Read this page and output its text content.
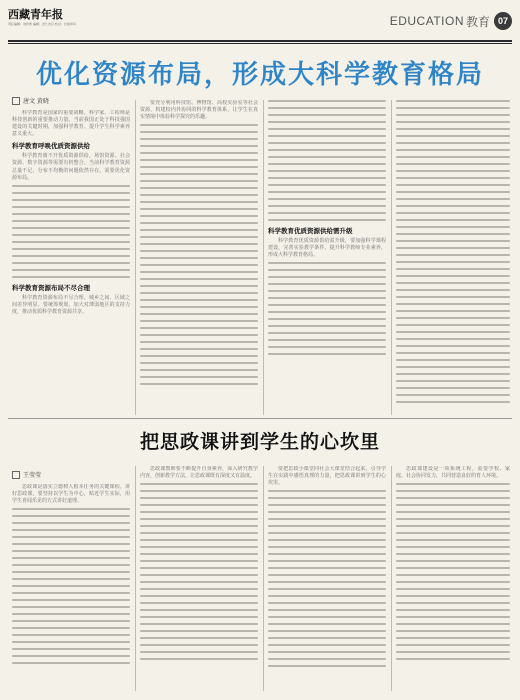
西藏青年报
责任编辑：刘世寒 编辑：洪仁次旦 校对：甘措卓玛	EDUCATION 教育 07
优化资源布局，形成大科学教育格局
唐文 黄晓

科学教育是国家的重要战略，科学家、工程师是科技创新的重要推动力量。当前我国正处于科技强国建设的关键时期，加强科学教育、提升学生科学素养意义重大。

科学教育呼唤优质资源供给

科学教育离不开优质资源供给，场馆资源、社会资源、数字资源等需要有机整合。当前科学教育资源总量不足、分布不均衡的问题依然存在，需要优化资源布局。

科学教育资源布局不尽合理

科学教育资源布局不尽合理，城乡之间、区域之间差异明显。要统筹规划，加大对薄弱地区的支持力度，推动优质科学教育资源共享。

要充分利用科技馆、博物馆、高校实验室等社会资源，构建校内外协同的科学教育体系，让学生在真实情境中体验科学探究的乐趣。

科学教育优质资源供给需升级

科学教育优质资源供给需升级，要加强科学课程建设，完善实验教学条件，提升科学教师专业素养，形成大科学教育格局。

把思政课讲到学生的心坎里
王莹莹

思政课是落实立德树人根本任务的关键课程。讲好思政课，要坚持以学生为中心，贴近学生实际，用学生喜闻乐见的方式讲好道理。

思政课教师要不断提升自身素养，深入研究教学内容，创新教学方法，让思政课既有深度又有温度。

要把思政小课堂同社会大课堂结合起来，引导学生在实践中感悟真理的力量，把思政课讲到学生的心坎里。

思政课建设是一项系统工程，需要学校、家庭、社会协同发力，共同营造良好的育人环境。
